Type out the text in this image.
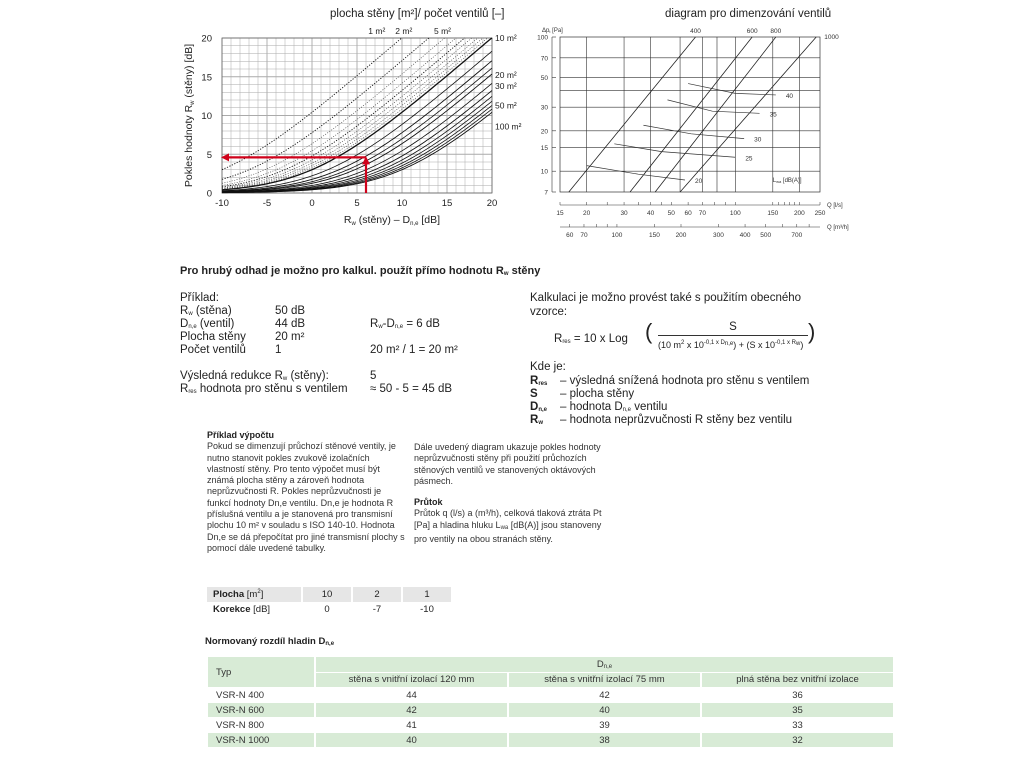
plocha stěny [m²]/ počet ventilů [–]
-10	-5	0	5	10	15	20
0
5
10
15
20
1 m² 2 m²	5 m²
10 m²
20 m²
30 m²
50 m²
100 m²
Rw (stěny) – Dn,e [dB]
Pokles hodnoty Rw (stěny) [dB]
diagram pro dimenzování ventilů
7
10
15
20
30
50
70
100
Δpt [Pa]	400	600 800
1000
20
25
30
35
40
Lwa [dB(A)]
15	20	30	40 50 60 70	100	150 200 250
Q [l/s]
60 70	100	150 200	300 400 500	700
Q [m³/h]
Pro hrubý odhad je možno pro kalkul. použít přímo hodnotu $R_w$ stěny
Příklad:
$R_w$ (stěna)	50 dB
$D_{n,e}$ (ventil)	44 dB	$R_w-D_{n,e} = 6$ dB
Plocha stěny	20 m²
Počet ventilů	1	20 m² / 1 = 20 m²
Výsledná redukce $R_w$ (stěny):	5
$R_{res}$ hodnota pro stěnu s ventilem ≈ 50 - 5 = 45 dB
Kalkulaci je možno provést také s použitím obecného vzorce:
$R_{res} = 10$ x Log (	S
(10 $m^2$ x $10^{-0,1 x D_{n,e}}) + (S$ x $10^{-0,1 x R_w}$)
)
Kde je:
$R_{res}$ – výsledná snížená hodnota pro stěnu s ventilem
S – plocha stěny
$D_{n,e}$ – hodnota $D_{n,e}$ ventilu
$R_w$ – hodnota neprůzvučnosti R stěny bez ventilu
Příklad výpočtu
Pokud se dimenzují průchozí stěnové ventily, je nutno stanovit pokles zvukově izolačních vlastností stěny. Pro tento výpočet musí být známá plocha stěny a zároveň hodnota neprůzvučnosti R. Pokles neprůzvučnosti je funkcí hodnoty Dn,e ventilu. Dn,e je hodnota R příslušná ventilu a je stanovená pro transmisní plochu 10 m² v souladu s ISO 140-10. Hodnota Dn,e se dá přepočítat pro jiné transmisní plochy s pomocí dále uvedené tabulky.
Dále uvedený diagram ukazuje pokles hodnoty neprůzvučnosti stěny při použití průchozích stěnových ventilů ve stanovených oktávových pásmech.
Průtok
Průtok q (l/s) a (m³/h), celková tlaková ztráta Pt [Pa] a hladina hluku $L_{wa}$ [dB(A)] jsou stanoveny pro ventily na obou stranách stěny.
Plocha $[m^2]$	10	2	1
Korekce [dB]	0	-7	-10
Normovaný rozdíl hladin $D_{n,e}$
Typ	$D_{n,e}$
	stěna s vnitřní izolací 120 mm	stěna s vnitřní izolací 75 mm	plná stěna bez vnitřní izolace
VSR-N 400	44	42	36
VSR-N 600	42	40	35
VSR-N 800	41	39	33
VSR-N 1000	40	38	32
